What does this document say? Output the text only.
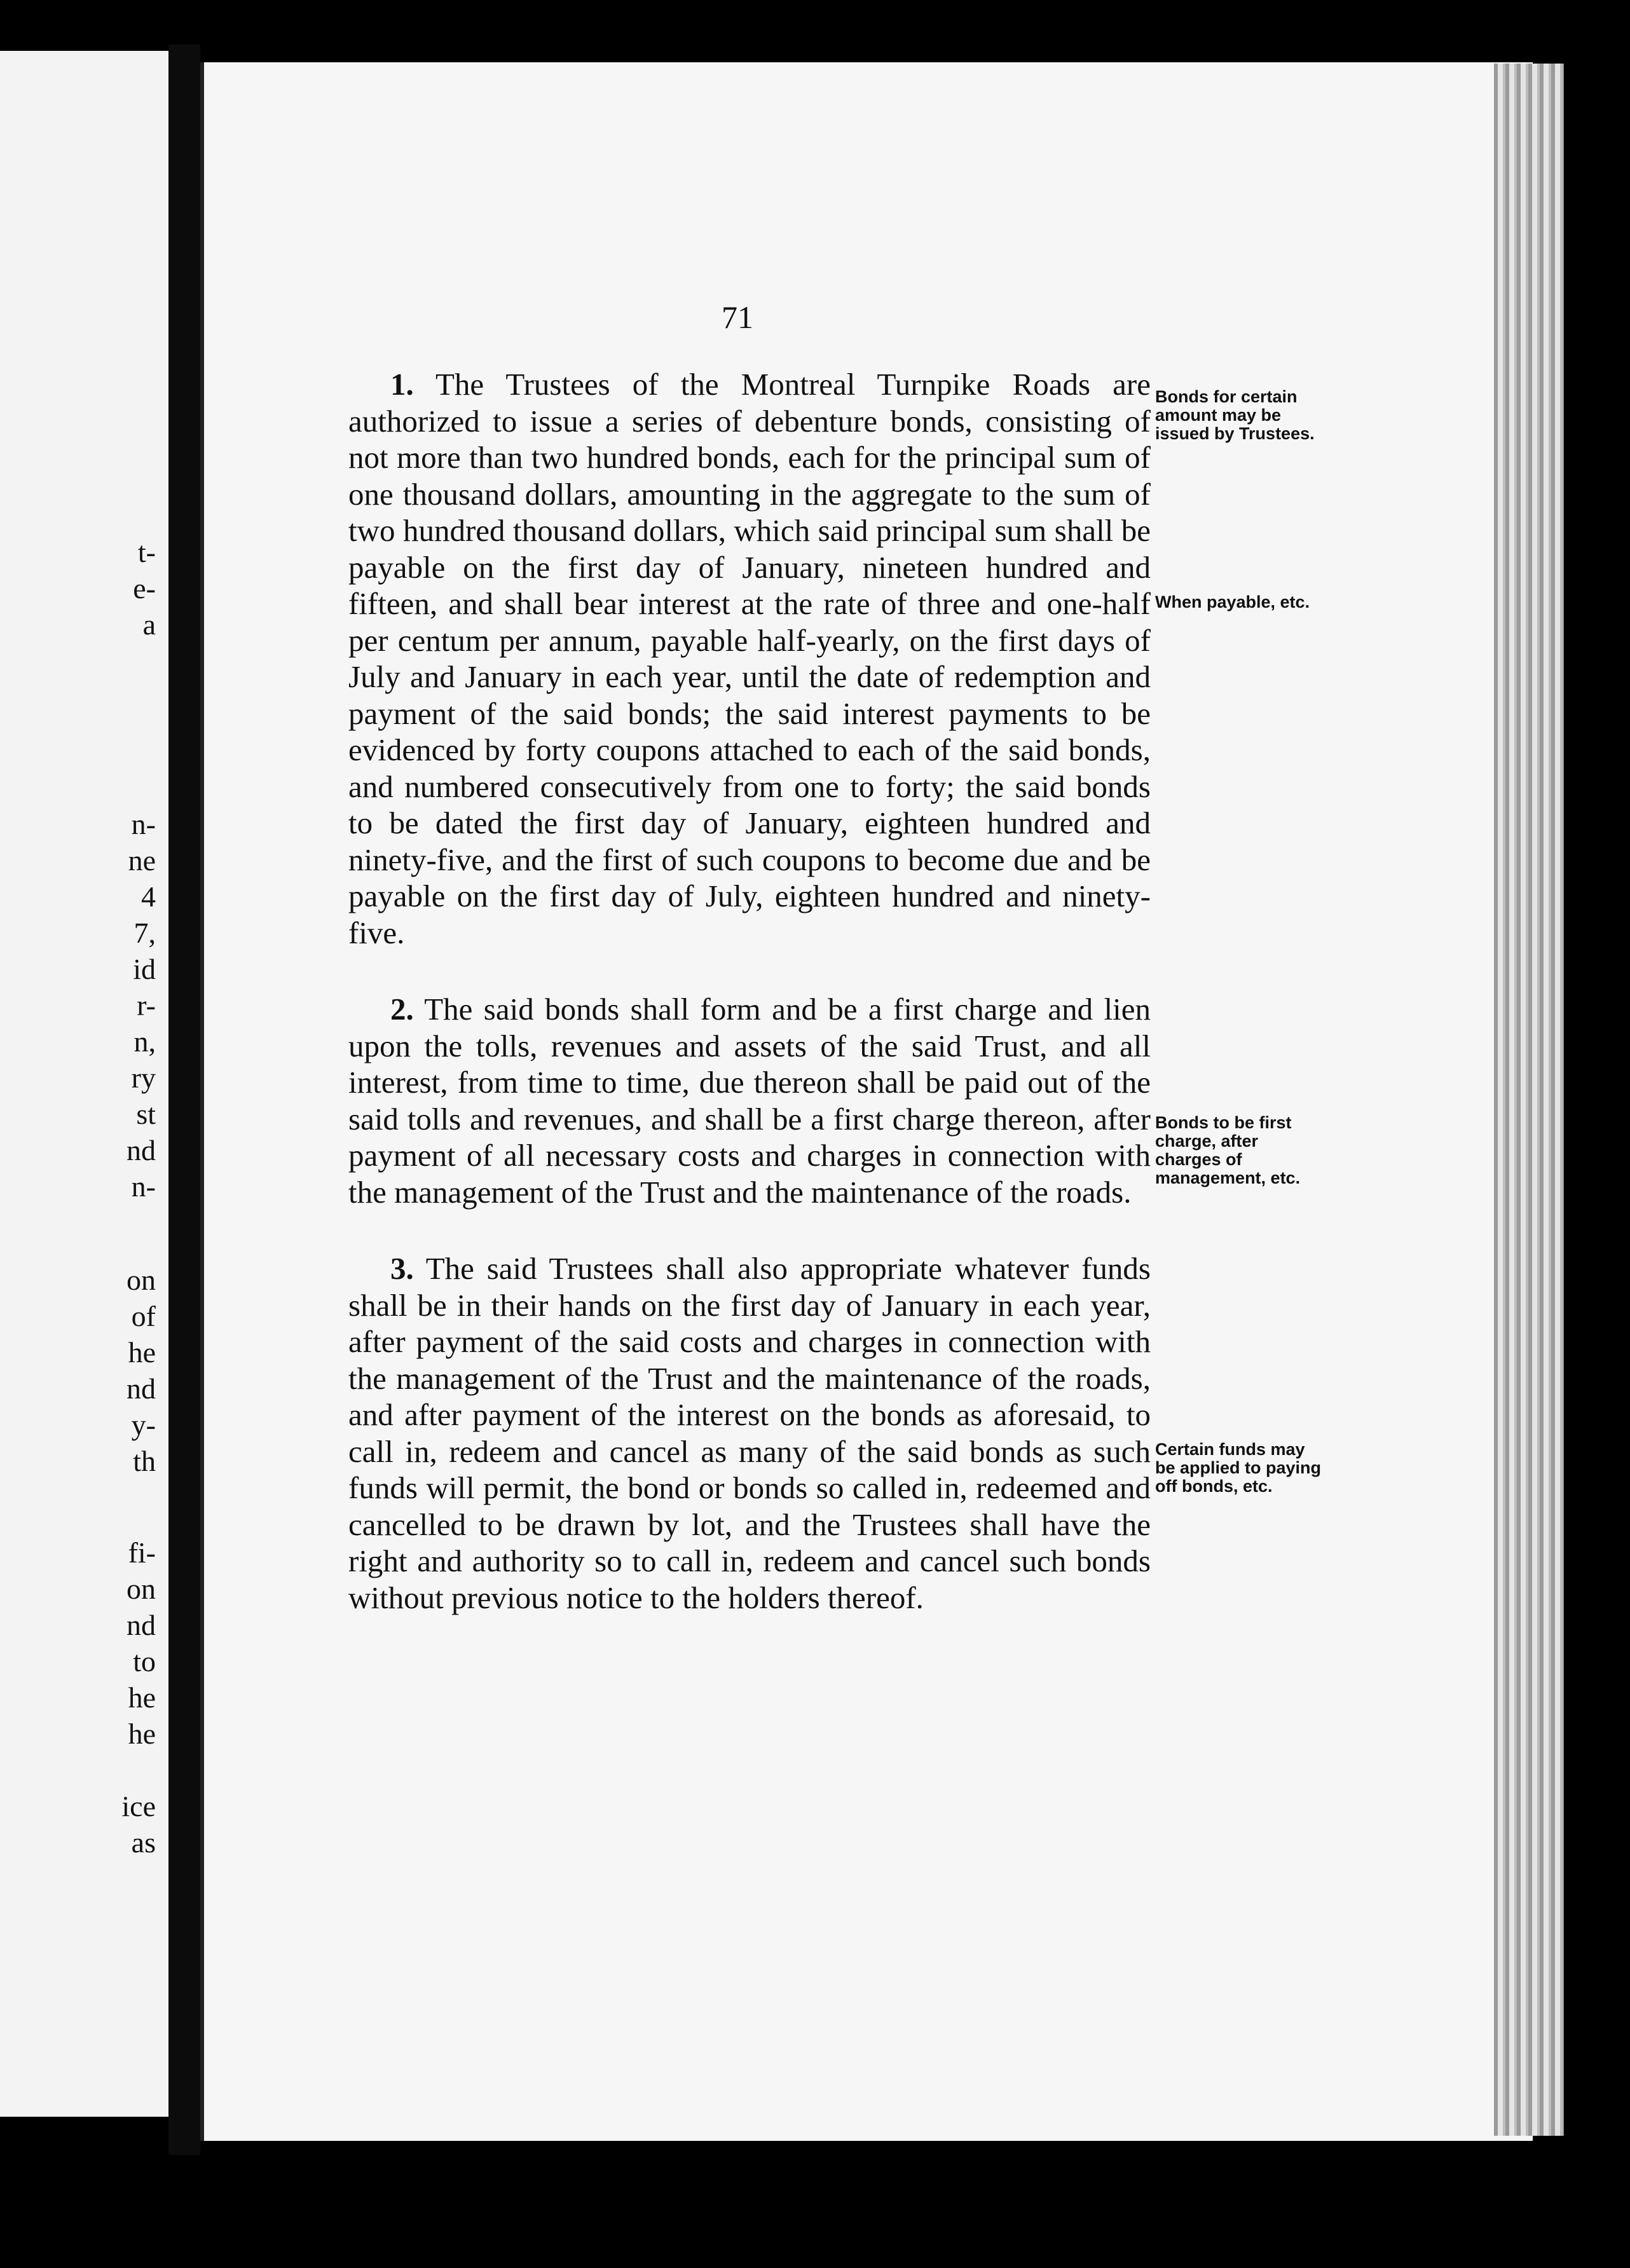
t-
e-
a
n-
ne
4
7,
id
r-
n,
ry
st
nd
n-
on
of
he
nd
y-
th
fi-
on
nd
to
he
he
ice
as
71

1. The Trustees of the Montreal Turnpike Roads are authorized to issue a series of debenture bonds, consisting of not more than two hundred bonds, each for the principal sum of one thousand dollars, amounting in the aggregate to the sum of two hundred thousand dollars, which said principal sum shall be payable on the first day of January, nineteen hundred and fifteen, and shall bear interest at the rate of three and one-half per centum per annum, payable half-yearly, on the first days of July and January in each year, until the date of redemption and payment of the said bonds; the said interest payments to be evidenced by forty coupons attached to each of the said bonds, and numbered consecutively from one to forty; the said bonds to be dated the first day of January, eighteen hundred and ninety-five, and the first of such coupons to become due and be payable on the first day of July, eighteen hundred and ninety-five.

2. The said bonds shall form and be a first charge and lien upon the tolls, revenues and assets of the said Trust, and all interest, from time to time, due thereon shall be paid out of the said tolls and revenues, and shall be a first charge thereon, after payment of all necessary costs and charges in connection with the management of the Trust and the maintenance of the roads.

3. The said Trustees shall also appropriate whatever funds shall be in their hands on the first day of January in each year, after payment of the said costs and charges in connection with the management of the Trust and the maintenance of the roads, and after payment of the interest on the bonds as aforesaid, to call in, redeem and cancel as many of the said bonds as such funds will permit, the bond or bonds so called in, redeemed and cancelled to be drawn by lot, and the Trustees shall have the right and authority so to call in, redeem and cancel such bonds without previous notice to the holders thereof.

Bonds for certain amount may be issued by Trustees.
When payable, etc.
Bonds to be first charge, after charges of management, etc.
Certain funds may be applied to paying off bonds, etc.
